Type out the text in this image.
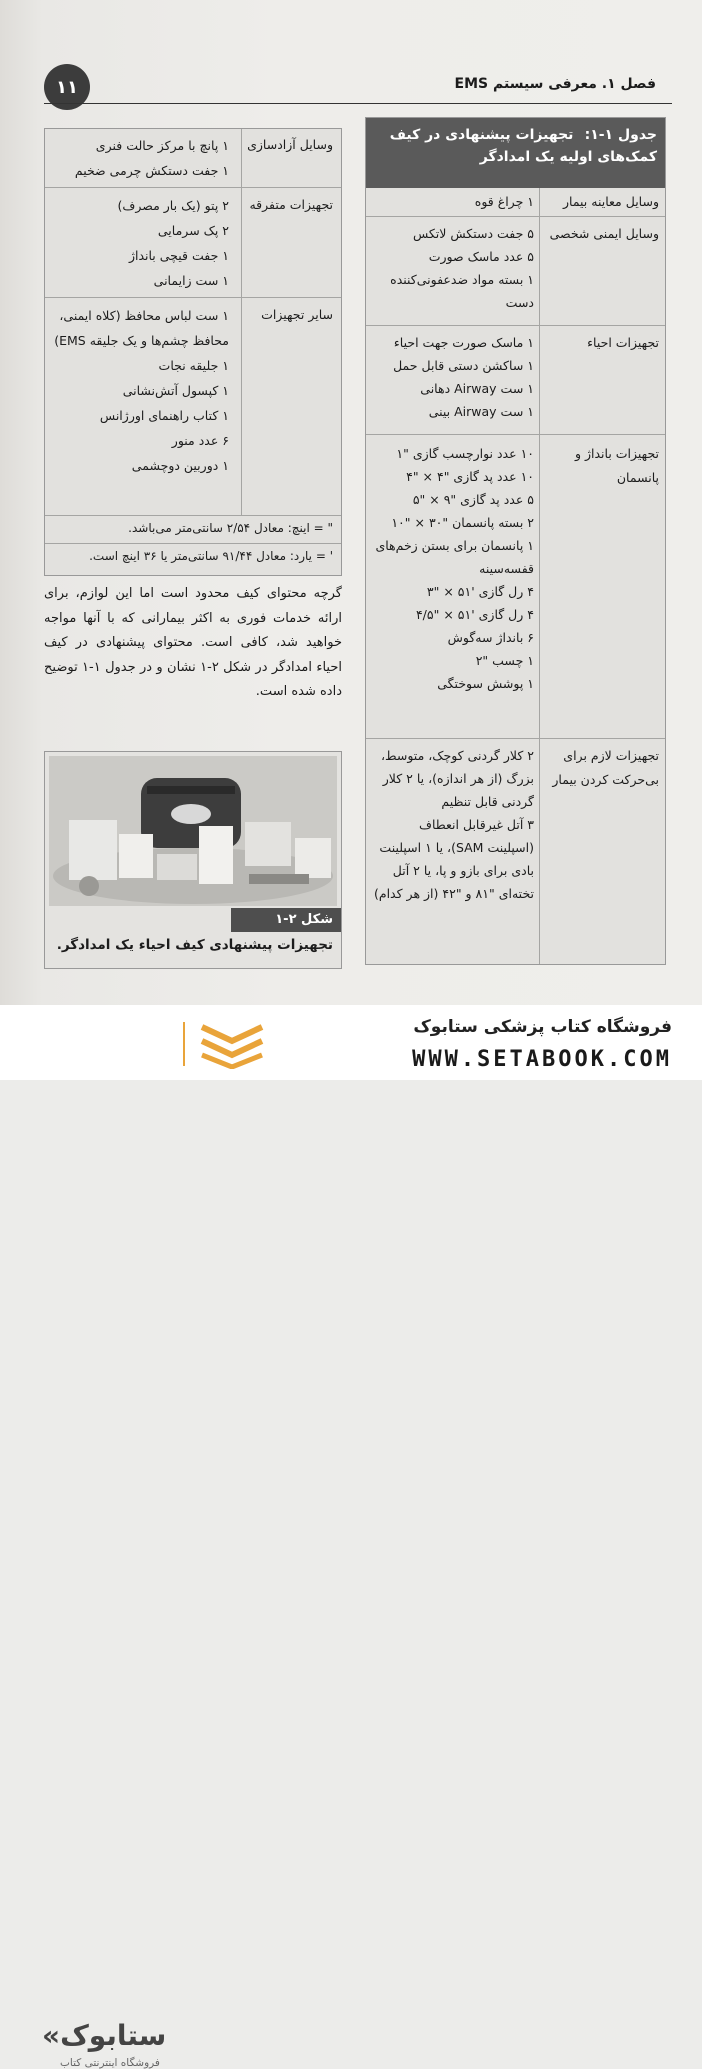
۱۱	فصل ۱. معرفی سیستم EMS
جدول ۱-۱:  تجهیزات پیشنهادی در کیف
کمک‌های اولیه یک امدادگر
وسایل معاینه بیمار
۱ چراغ قوه
وسایل ایمنی شخصی
۵ جفت دستکش لاتکس
۵ عدد ماسک صورت
۱ بسته مواد ضدعفونی‌کننده دست
تجهیزات احیاء
۱ ماسک صورت جهت احیاء
۱ ساکشن دستی قابل حمل
۱ ست Airway دهانی
۱ ست Airway بینی
تجهیزات بانداژ و پانسمان
۱۰ عدد نوارچسب گازی "۱
۱۰ عدد پد گازی "۴ × "۴
۵ عدد پد گازی "۹ × "۵
۲ بسته پانسمان "۳۰ × "۱۰
۱ پانسمان برای بستن زخم‌های قفسه‌سینه
۴ رل گازی '۵۱ × "۳
۴ رل گازی '۵۱ × "۴/۵
۶ بانداژ سه‌گوش
۱ چسب "۲
۱ پوشش سوختگی
تجهیزات لازم برای بی‌حرکت کردن بیمار
۲ کلار گردنی کوچک، متوسط، بزرگ (از هر اندازه)، یا ۲ کلار گردنی قابل تنظیم
۳ آتل غیرقابل انعطاف (اسپلینت SAM)، یا ۱ اسپلینت بادی برای بازو و پا، یا ۲ آتل تخته‌ای "۸۱ و "۴۲ (از هر کدام)
وسایل آزادسازی
۱ پانچ با مرکز حالت فنری
۱ جفت دستکش چرمی ضخیم
تجهیزات متفرقه
۲ پتو (یک بار مصرف)
۲ پک سرمایی
۱ جفت قیچی بانداژ
۱ ست زایمانی
سایر تجهیزات
۱ ست لباس محافظ (کلاه ایمنی، محافظ چشم‌ها و یک جلیقه EMS)
۱ جلیقه نجات
۱ کپسول آتش‌نشانی
۱ کتاب راهنمای اورژانس
۶ عدد منور
۱ دوربین دوچشمی
" = اینچ: معادل ۲/۵۴ سانتی‌متر می‌باشد.
' = یارد: معادل ۹۱/۴۴ سانتی‌متر یا ۳۶ اینچ است.
گرچه محتوای کیف محدود است اما این لوازم، برای ارائه خدمات فوری به اکثر بیمارانی که با آنها مواجه خواهید شد، کافی است. محتوای پیشنهادی در کیف احیاء امدادگر در شکل ۲-۱ نشان و در جدول ۱-۱ توضیح داده شده است.
شکل ۲-۱
تجهیزات پیشنهادی کیف احیاء یک امدادگر.
«ستابوک
فروشگاه اینترنتی کتاب
فروشگاه کتاب پزشکی ستابوک
WWW.SETABOOK.COM
